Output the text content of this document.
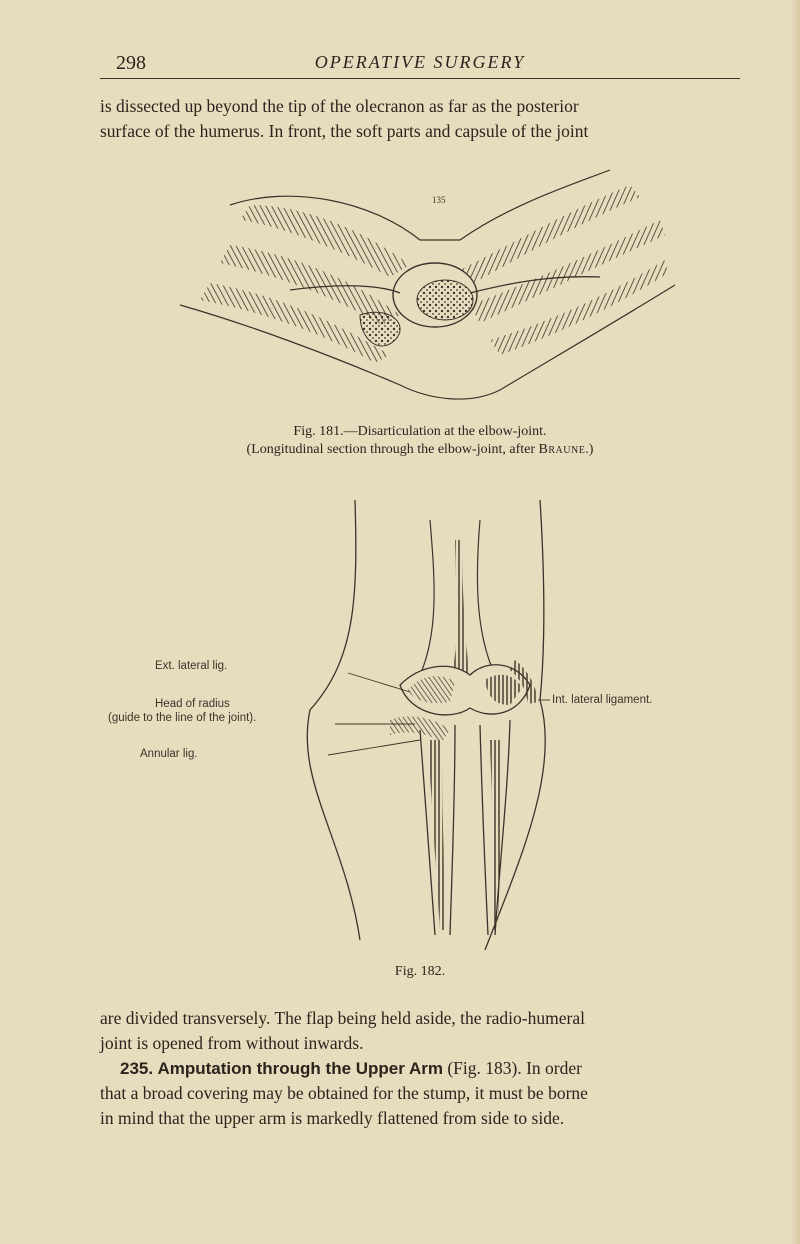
298	OPERATIVE SURGERY
is dissected up beyond the tip of the olecranon as far as the posterior
surface of the humerus. In front, the soft parts and capsule of the joint
135
Fig. 181.—Disarticulation at the elbow-joint.
(Longitudinal section through the elbow-joint, after Braune.)
Ext. lateral lig.
Head of radius
(guide to the line of the joint).
Annular lig.
Int. lateral ligament.
Fig. 182.
are divided transversely. The flap being held aside, the radio-humeral
joint is opened from without inwards.
235. Amputation through the Upper Arm (Fig. 183). In order
that a broad covering may be obtained for the stump, it must be borne
in mind that the upper arm is markedly flattened from side to side.
